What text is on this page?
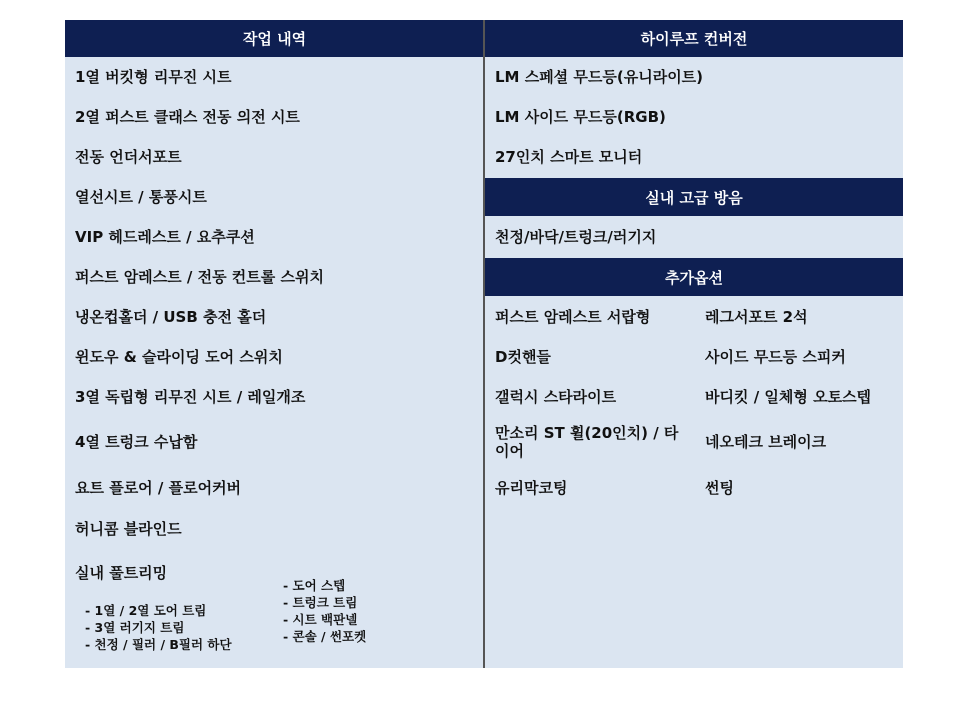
작업 내역
1열 버킷형 리무진 시트
2열 퍼스트 클래스 전동 의전 시트
전동 언더서포트
열선시트 / 통풍시트
VIP 헤드레스트 / 요추쿠션
퍼스트 암레스트 / 전동 컨트롤 스위치
냉온컵홀더 / USB 충전 홀더
윈도우 & 슬라이딩 도어 스위치
3열 독립형 리무진 시트 / 레일개조
4열 트렁크 수납함
요트 플로어 / 플로어커버
허니콤 블라인드
실내 풀트리밍
- 1열 / 2열 도어 트림
- 3열 러기지 트림
- 천정 / 필러 / B필러 하단
- 도어 스텝
- 트렁크 트림
- 시트 백판넬
- 콘솔 / 썬포켓
하이루프 컨버전
LM 스페셜 무드등(유니라이트)
LM 사이드 무드등(RGB)
27인치 스마트 모니터
실내 고급 방음
천정/바닥/트렁크/러기지
추가옵션
퍼스트 암레스트 서랍형	레그서포트 2석
D컷핸들	사이드 무드등 스피커
갤럭시 스타라이트	바디킷 / 일체형 오토스텝
만소리 ST 휠(20인치) / 타이어	네오테크 브레이크
유리막코팅	썬팅
